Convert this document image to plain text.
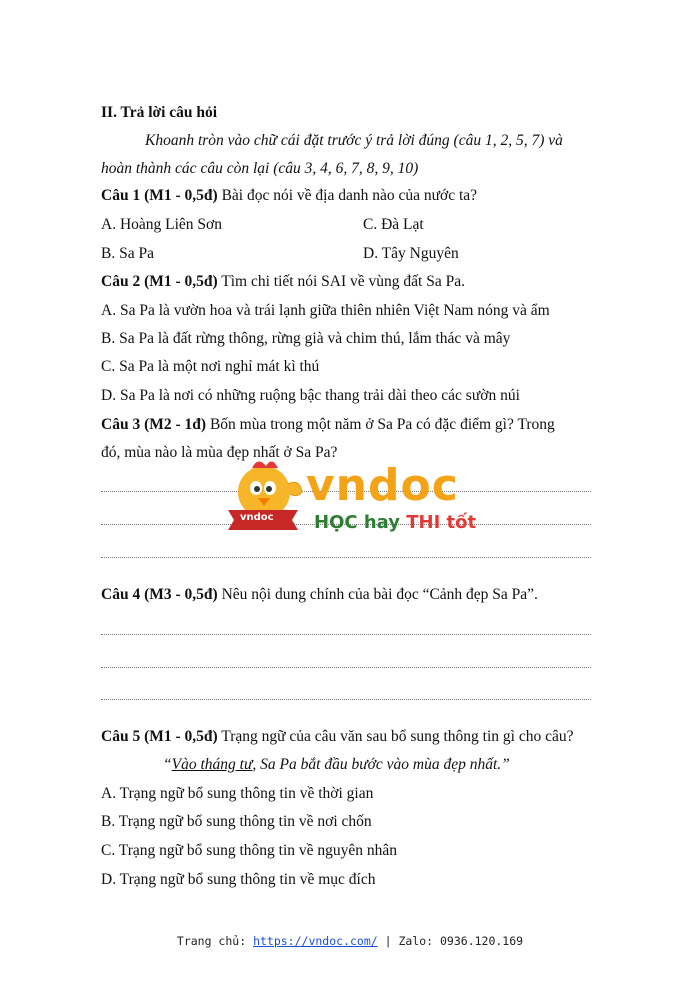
II. Trả lời câu hỏi
Khoanh tròn vào chữ cái đặt trước ý trả lời đúng (câu 1, 2, 5, 7) và
hoàn thành các câu còn lại (câu 3, 4, 6, 7, 8, 9, 10)
Câu 1 (M1 - 0,5đ) Bài đọc nói về địa danh nào của nước ta?
A. Hoàng Liên Sơn	C. Đà Lạt
B. Sa Pa	D. Tây Nguyên
Câu 2 (M1 - 0,5đ) Tìm chi tiết nói SAI về vùng đất Sa Pa.
A. Sa Pa là vườn hoa và trái lạnh giữa thiên nhiên Việt Nam nóng và ẩm
B. Sa Pa là đất rừng thông, rừng già và chim thú, lắm thác và mây
C. Sa Pa là một nơi nghỉ mát kì thú
D. Sa Pa là nơi có những ruộng bậc thang trải dài theo các sườn núi
Câu 3 (M2 - 1đ) Bốn mùa trong một năm ở Sa Pa có đặc điểm gì? Trong
đó, mùa nào là mùa đẹp nhất ở Sa Pa?
vndoc
vndoc
HỌC hay THI tốt
Câu 4 (M3 - 0,5đ) Nêu nội dung chính của bài đọc “Cảnh đẹp Sa Pa”.
Câu 5 (M1 - 0,5đ) Trạng ngữ của câu văn sau bổ sung thông tin gì cho câu?
“Vào tháng tư, Sa Pa bắt đầu bước vào mùa đẹp nhất.”
A. Trạng ngữ bổ sung thông tin về thời gian
B. Trạng ngữ bổ sung thông tin về nơi chốn
C. Trạng ngữ bổ sung thông tin về nguyên nhân
D. Trạng ngữ bổ sung thông tin về mục đích
Trang chủ: https://vndoc.com/ | Zalo: 0936.120.169
